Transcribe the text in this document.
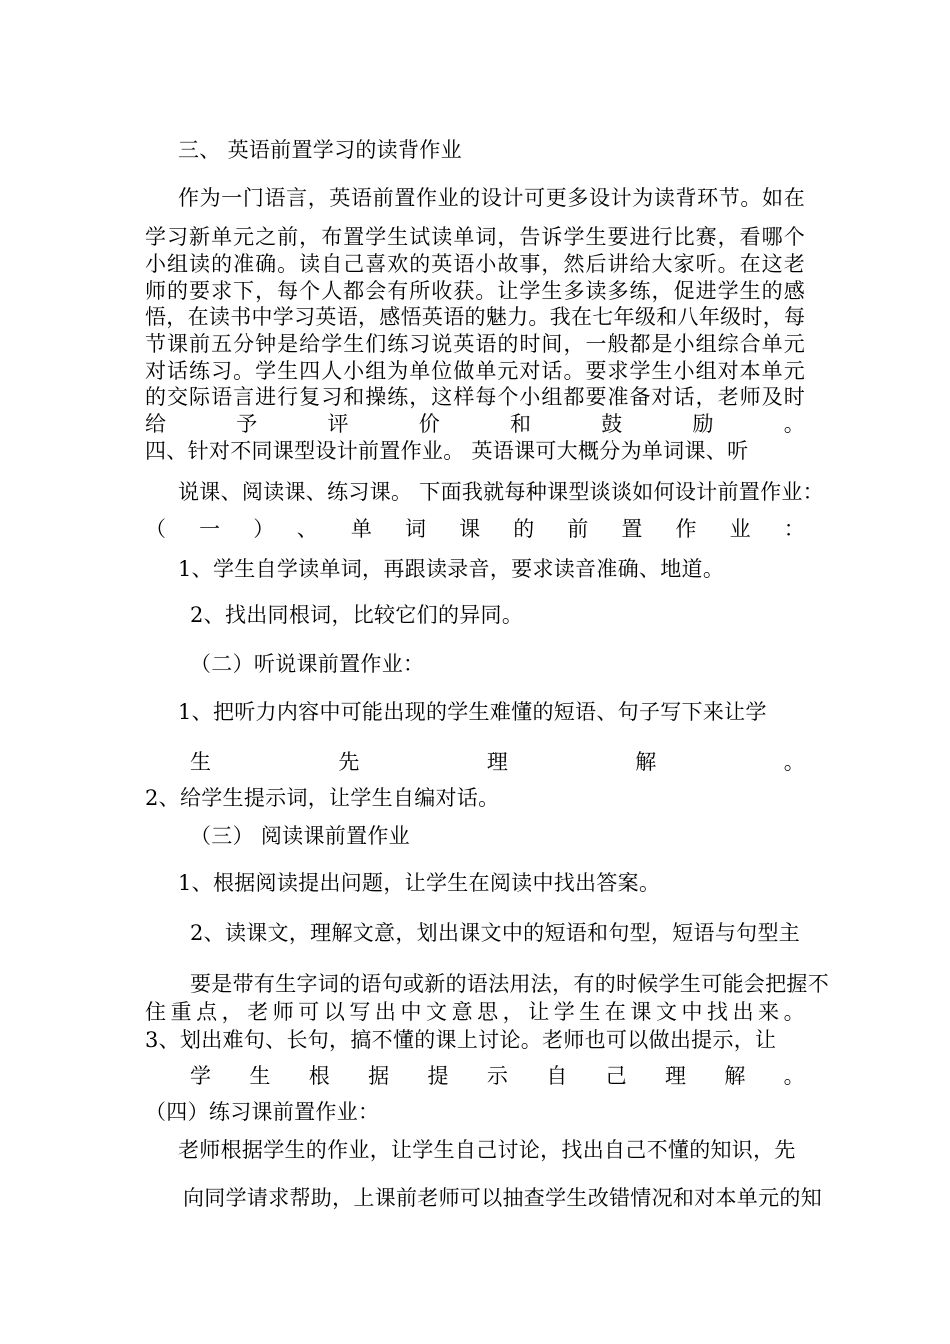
三、 英语前置学习的读背作业
作为一门语言，英语前置作业的设计可更多设计为读背环节。如在
学习新单元之前，布置学生试读单词，告诉学生要进行比赛，看哪个
小组读的准确。读自己喜欢的英语小故事，然后讲给大家听。在这老
师的要求下，每个人都会有所收获。让学生多读多练，促进学生的感
悟，在读书中学习英语，感悟英语的魅力。我在七年级和八年级时，每
节课前五分钟是给学生们练习说英语的时间，一般都是小组综合单元
对话练习。学生四人小组为单位做单元对话。要求学生小组对本单元
的交际语言进行复习和操练，这样每个小组都要准备对话，老师及时
给予评价和鼓励。
四、针对不同课型设计前置作业。 英语课可大概分为单词课、听
说课、阅读课、练习课。 下面我就每种课型谈谈如何设计前置作业：
（一）、单词课的前置作业：
1、学生自学读单词，再跟读录音，要求读音准确、地道。
2、找出同根词，比较它们的异同。
（二）听说课前置作业：
1、把听力内容中可能出现的学生难懂的短语、句子写下来让学
生先理解。
2、给学生提示词，让学生自编对话。
（三） 阅读课前置作业
1、根据阅读提出问题，让学生在阅读中找出答案。
2、读课文，理解文意，划出课文中的短语和句型，短语与句型主
要是带有生字词的语句或新的语法用法，有的时候学生可能会把握不
住重点，老师可以写出中文意思，让学生在课文中找出来。
3、划出难句、长句，搞不懂的课上讨论。老师也可以做出提示，让
学生根据提示自己理解。
（四）练习课前置作业：
老师根据学生的作业，让学生自己讨论，找出自己不懂的知识，先
向同学请求帮助，上课前老师可以抽查学生改错情况和对本单元的知
